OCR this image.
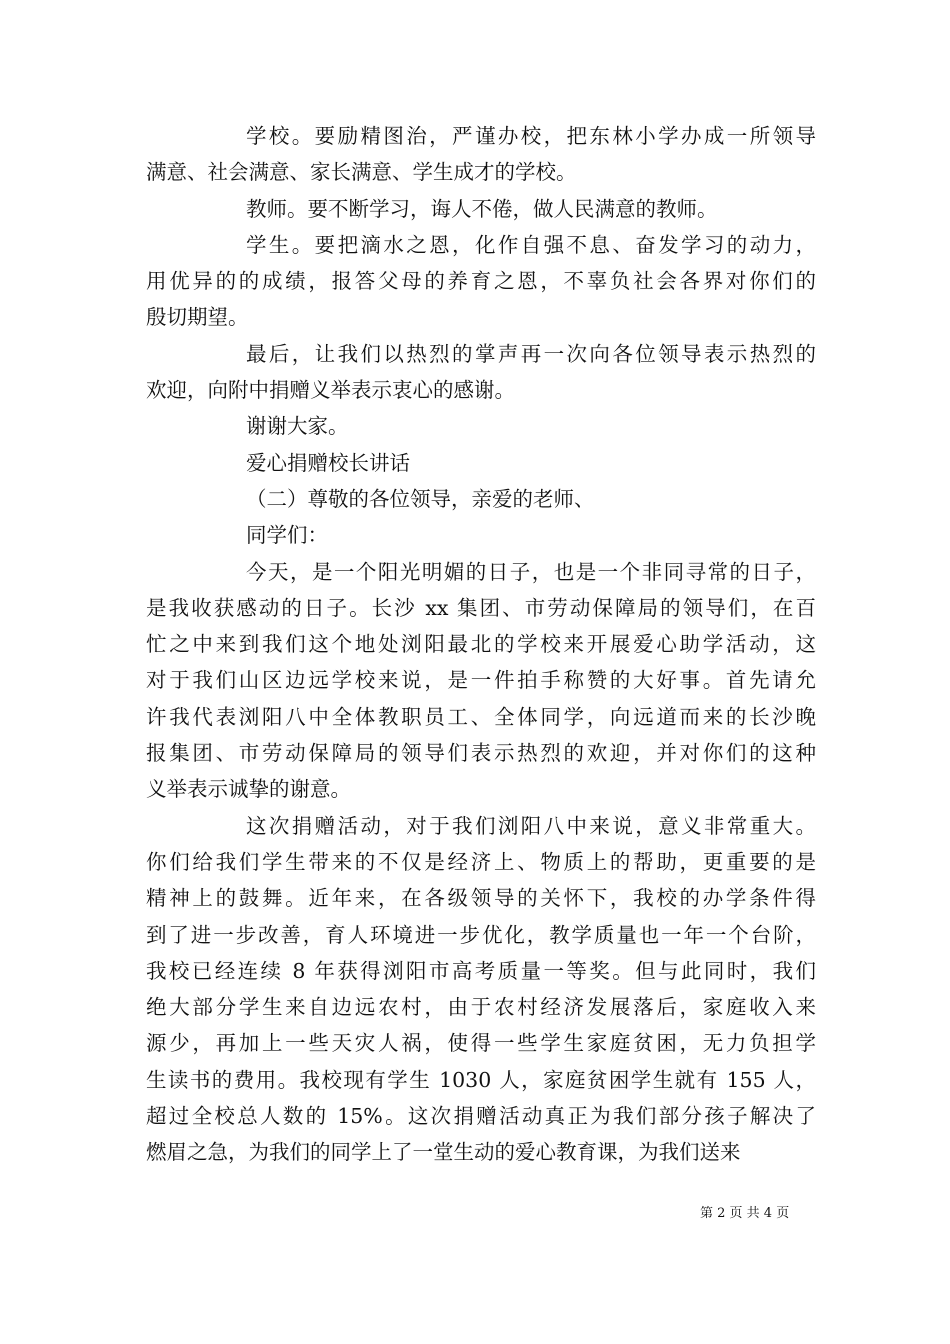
学校。要励精图治，严谨办校，把东林小学办成一所领导
满意、社会满意、家长满意、学生成才的学校。
教师。要不断学习，诲人不倦，做人民满意的教师。
学生。要把滴水之恩，化作自强不息、奋发学习的动力，
用优异的的成绩，报答父母的养育之恩，不辜负社会各界对你们的
殷切期望。
最后，让我们以热烈的掌声再一次向各位领导表示热烈的
欢迎，向附中捐赠义举表示衷心的感谢。
谢谢大家。
爱心捐赠校长讲话
（二）尊敬的各位领导，亲爱的老师、
同学们：
今天，是一个阳光明媚的日子，也是一个非同寻常的日子，
是我收获感动的日子。长沙 xx 集团、市劳动保障局的领导们，在百
忙之中来到我们这个地处浏阳最北的学校来开展爱心助学活动，这
对于我们山区边远学校来说，是一件拍手称赞的大好事。首先请允
许我代表浏阳八中全体教职员工、全体同学，向远道而来的长沙晚
报集团、市劳动保障局的领导们表示热烈的欢迎，并对你们的这种
义举表示诚挚的谢意。
这次捐赠活动，对于我们浏阳八中来说，意义非常重大。
你们给我们学生带来的不仅是经济上、物质上的帮助，更重要的是
精神上的鼓舞。近年来，在各级领导的关怀下，我校的办学条件得
到了进一步改善，育人环境进一步优化，教学质量也一年一个台阶，
我校已经连续 8 年获得浏阳市高考质量一等奖。但与此同时，我们
绝大部分学生来自边远农村，由于农村经济发展落后，家庭收入来
源少，再加上一些天灾人祸，使得一些学生家庭贫困，无力负担学
生读书的费用。我校现有学生 1030 人，家庭贫困学生就有 155 人，
超过全校总人数的 15%。这次捐赠活动真正为我们部分孩子解决了
燃眉之急，为我们的同学上了一堂生动的爱心教育课，为我们送来
第 2 页 共 4 页
